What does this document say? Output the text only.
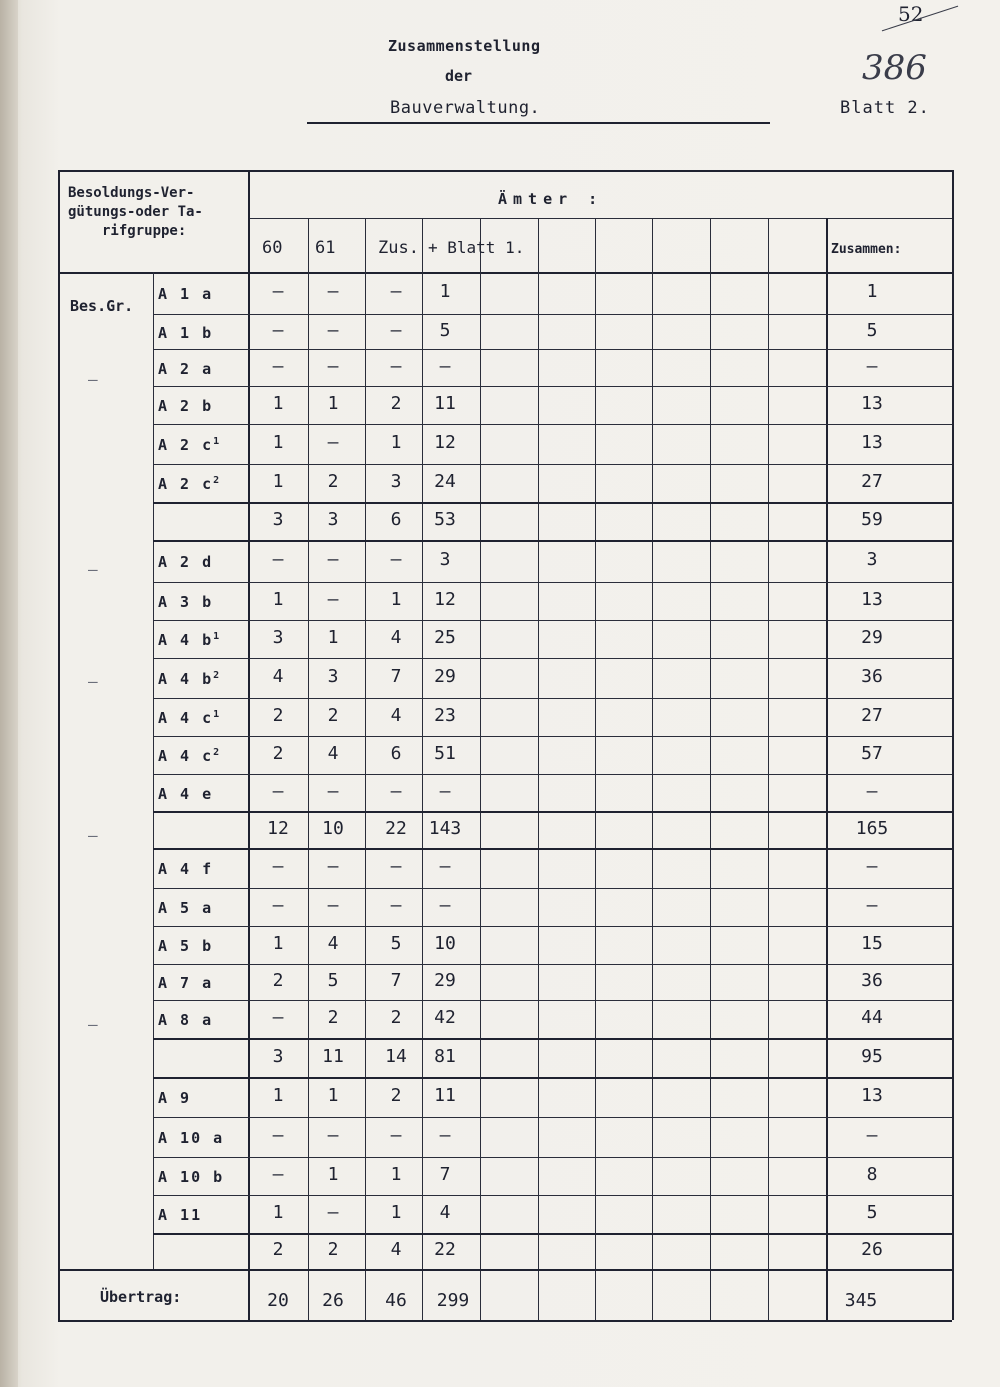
52
386
Zusammenstellung
der
Bauverwaltung.	Blatt 2.
Besoldungs-Ver-
gütungs-oder Ta-
rifgruppe:
Ämter :
60 61	Zus. + Blatt 1.	Zusammen:
Bes.Gr.
–
–
–
–
–
A 1 a	–	–	–	1	1
A 1 b	–	–	–	5	5
A 2 a	–	–	–	–	–
A 2 b	1	1	2	11	13
A 2 $c^1$	1	–	1	12	13
A 2 $c^2$	1	2	3	24	27
3	3	6	53	59
A 2 d	–	–	–	3	3
A 3 b	1	–	1	12	13
A 4 $b^1$	3	1	4	25	29
A 4 $b^2$	4	3	7	29	36
A 4 $c^1$	2	2	4	23	27
A 4 $c^2$	2	4	6	51	57
A 4 e	–	–	–	–	–
12	10	22	143	165
A 4 f	–	–	–	–	–
A 5 a	–	–	–	–	–
A 5 b	1	4	5	10	15
A 7 a	2	5	7	29	36
A 8 a	–	2	2	42	44
3	11	14	81	95
A 9	1	1	2	11	13
A 10 a	–	–	–	–	–
A 10 b	–	1	1	7	8
A 11	1	–	1	4	5
2	2	4	22	26
Übertrag:	20	26	46	299	345
